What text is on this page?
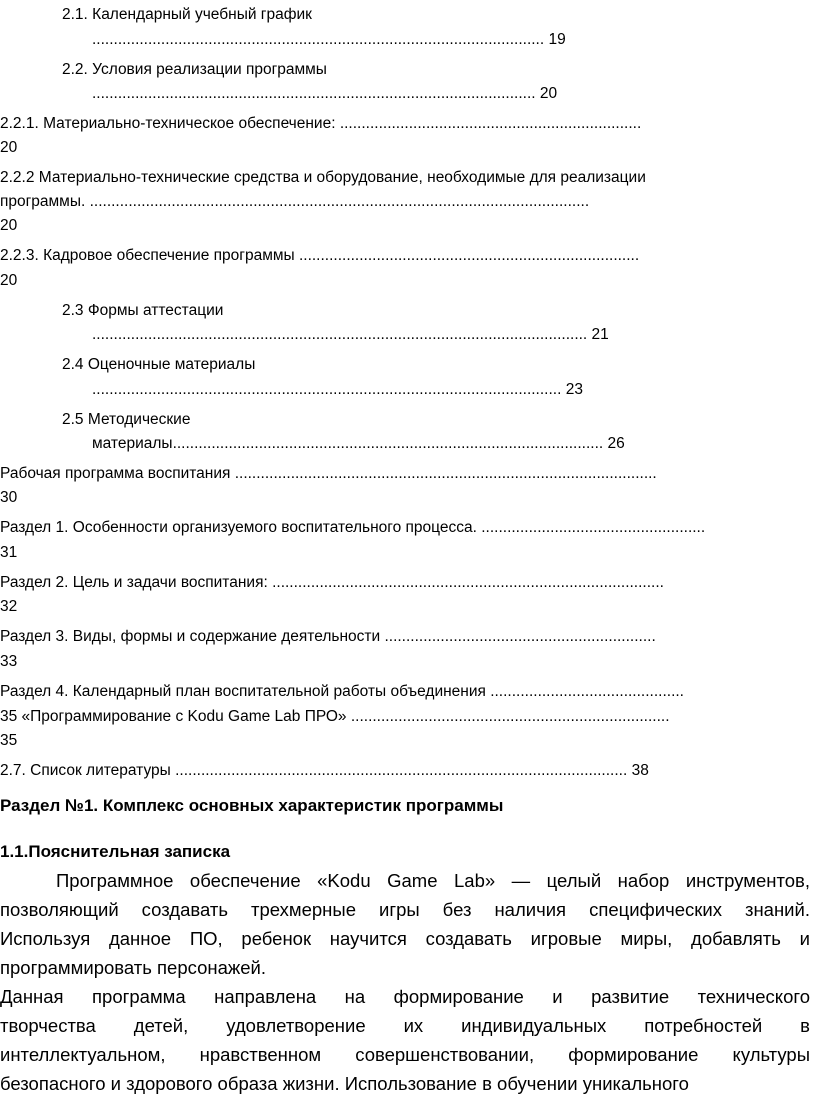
2.1. Календарный учебный график
......................................................................................................... 19
2.2. Условия реализации программы
....................................................................................................... 20
2.2.1. Материально-техническое обеспечение: ......................................................................
20
2.2.2 Материально-технические средства и оборудование, необходимые для реализации
программы. ....................................................................................................................
20
2.2.3. Кадровое обеспечение программы ...............................................................................
20
2.3 Формы аттестации
................................................................................................................... 21
2.4 Оценочные материалы
............................................................................................................. 23
2.5 Методические
материалы.................................................................................................... 26
Рабочая программа воспитания ..................................................................................................
30
Раздел 1. Особенности организуемого воспитательного процесса. ....................................................
31
Раздел 2. Цель и задачи воспитания: ...........................................................................................
32
Раздел 3. Виды, формы и содержание деятельности ...............................................................
33
Раздел 4. Календарный план воспитательной работы объединения .............................................
35 «Программирование с Kodu Game Lab ПРО» ..........................................................................
35
2.7. Список литературы ......................................................................................................... 38
Раздел №1. Комплекс основных характеристик программы
1.1.Пояснительная записка
Программное обеспечение «Kodu Game Lab» — целый набор инструментов,
позволяющий создавать трехмерные игры без наличия специфических знаний.
Используя данное ПО, ребенок научится создавать игровые миры, добавлять и
программировать персонажей.
Данная программа направлена на формирование и развитие технического
творчества детей, удовлетворение их индивидуальных потребностей в
интеллектуальном, нравственном совершенствовании, формирование культуры
безопасного и здорового образа жизни. Использование в обучении уникального
